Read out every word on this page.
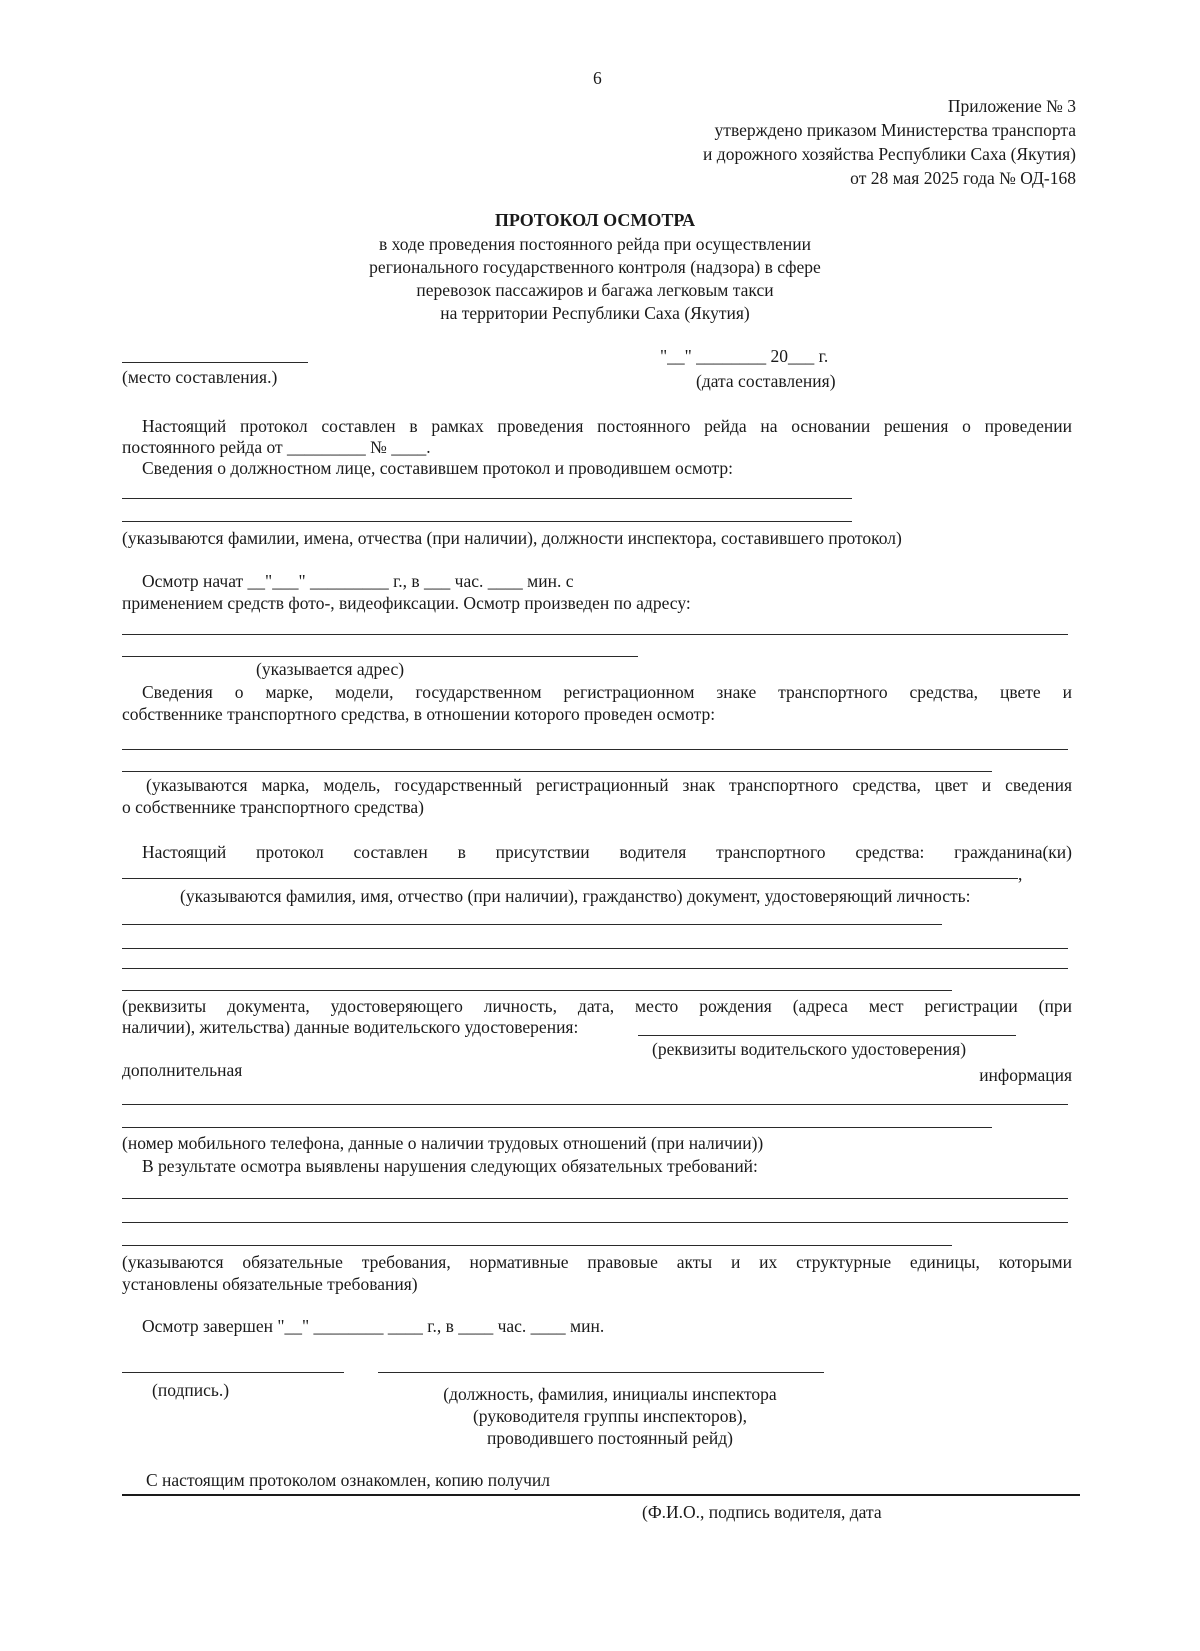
6
Приложение № 3
утверждено приказом Министерства транспорта
и дорожного хозяйства Республики Саха (Якутия)
от 28 мая 2025 года № ОД-168
ПРОТОКОЛ ОСМОТРА
в ходе проведения постоянного рейда при осуществлении
регионального государственного контроля (надзора) в сфере
перевозок пассажиров и багажа легковым такси
на территории Республики Саха (Якутия)
"__" ________ 20___ г.
(место составления.)	(дата составления)
Настоящий протокол составлен в рамках проведения постоянного рейда на основании решения о проведении
постоянного рейда от _________ № ____.
Сведения о должностном лице, составившем протокол и проводившем осмотр:
(указываются фамилии, имена, отчества (при наличии), должности инспектора, составившего протокол)
Осмотр начат __"___" _________ г., в ___ час. ____ мин. с
применением средств фото-, видеофиксации. Осмотр произведен по адресу:
(указывается адрес)
Сведения о марке, модели, государственном регистрационном знаке транспортного средства, цвете и
собственнике транспортного средства, в отношении которого проведен осмотр:
(указываются марка, модель, государственный регистрационный знак транспортного средства, цвет и сведения
о собственнике транспортного средства)
Настоящий протокол составлен в присутствии водителя транспортного средства: гражданина(ки)
,
(указываются фамилия, имя, отчество (при наличии), гражданство) документ, удостоверяющий личность:
(реквизиты документа, удостоверяющего личность, дата, место рождения (адреса мест регистрации (при
наличии), жительства) данные водительского удостоверения:
(реквизиты водительского удостоверения)
дополнительная	информация
(номер мобильного телефона, данные о наличии трудовых отношений (при наличии))
В результате осмотра выявлены нарушения следующих обязательных требований:
(указываются обязательные требования, нормативные правовые акты и их структурные единицы, которыми
установлены обязательные требования)
Осмотр завершен "__" ________ ____ г., в ____ час. ____ мин.
(подпись.)	(должность, фамилия, инициалы инспектора
(руководителя группы инспекторов),
проводившего постоянный рейд)
С настоящим протоколом ознакомлен, копию получил
(Ф.И.О., подпись водителя, дата
